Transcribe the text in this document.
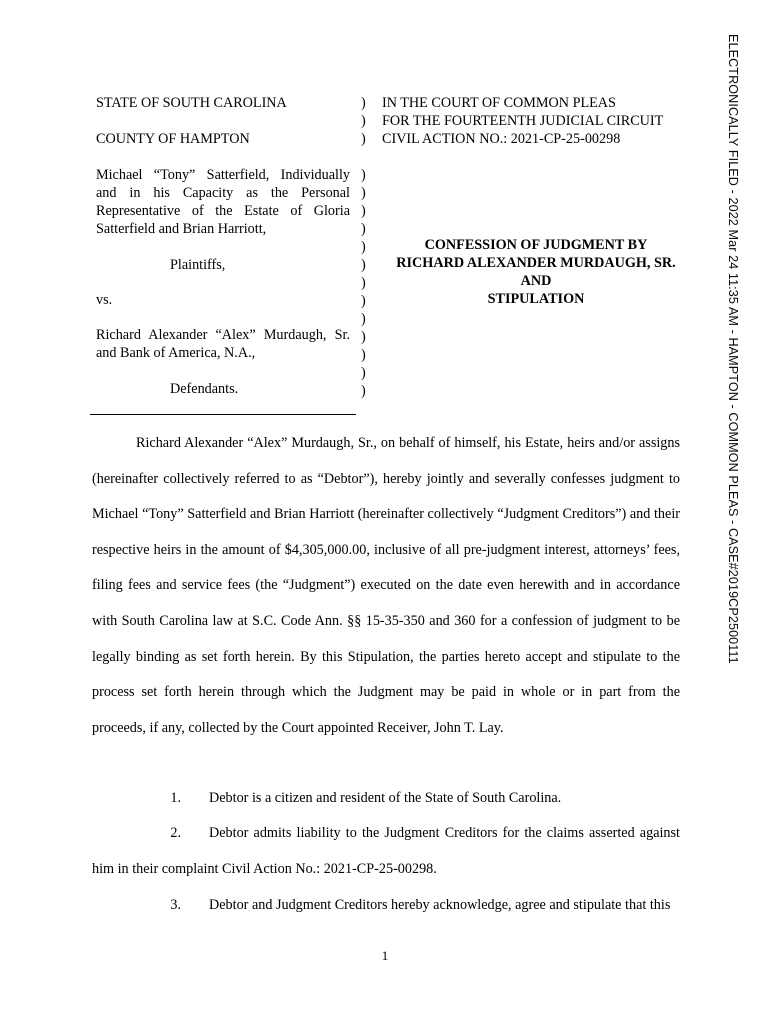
ELECTRONICALLY FILED - 2022 Mar 24 11:35 AM - HAMPTON - COMMON PLEAS - CASE#2019CP2500111
STATE OF SOUTH CAROLINA
COUNTY OF HAMPTON
Michael “Tony” Satterfield, Individually and in his Capacity as the Personal Representative of the Estate of Gloria Satterfield and Brian Harriott,
Plaintiffs,
vs.
Richard Alexander “Alex” Murdaugh, Sr. and Bank of America, N.A.,
Defendants.
)
)
)
)
)
)
)
)
)
)
)
)
)
)
)
)
IN THE COURT OF COMMON PLEAS
FOR THE FOURTEENTH JUDICIAL CIRCUIT
CIVIL ACTION NO.: 2021-CP-25-00298
CONFESSION OF JUDGMENT BY
RICHARD ALEXANDER MURDAUGH, SR.
AND
STIPULATION
Richard Alexander “Alex” Murdaugh, Sr., on behalf of himself, his Estate, heirs and/or assigns (hereinafter collectively referred to as “Debtor”), hereby jointly and severally confesses judgment to Michael “Tony” Satterfield and Brian Harriott (hereinafter collectively “Judgment Creditors”) and their respective heirs in the amount of $4,305,000.00, inclusive of all pre-judgment interest, attorneys’ fees, filing fees and service fees (the “Judgment”) executed on the date even herewith and in accordance with South Carolina law at S.C. Code Ann. §§ 15-35-350 and 360 for a confession of judgment to be legally binding as set forth herein. By this Stipulation, the parties hereto accept and stipulate to the process set forth herein through which the Judgment may be paid in whole or in part from the proceeds, if any, collected by the Court appointed Receiver, John T. Lay.
1. Debtor is a citizen and resident of the State of South Carolina.
2. Debtor admits liability to the Judgment Creditors for the claims asserted against him in their complaint Civil Action No.: 2021-CP-25-00298.
3. Debtor and Judgment Creditors hereby acknowledge, agree and stipulate that this
1
